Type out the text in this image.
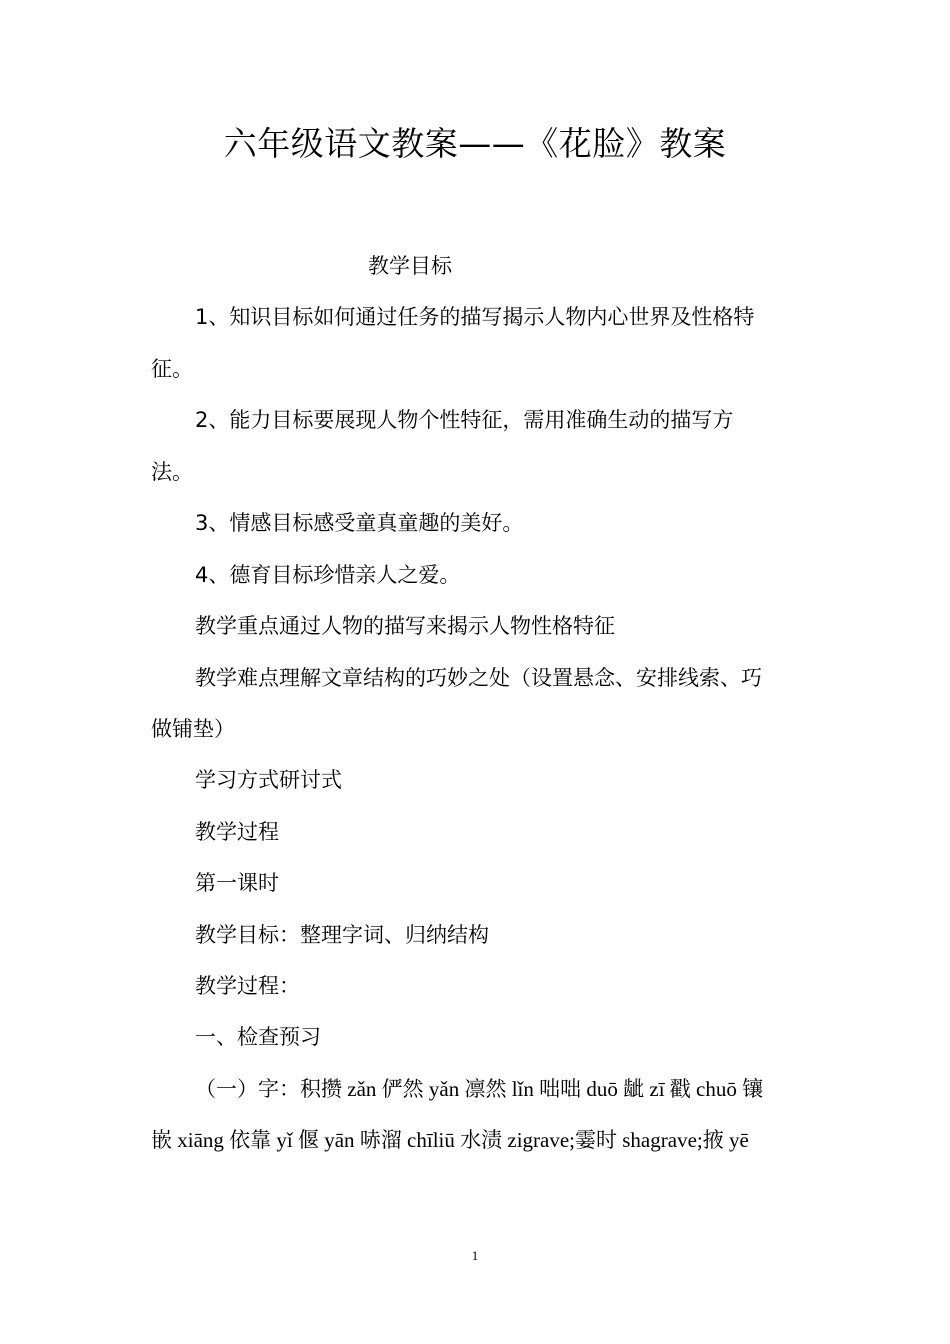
六年级语文教案——《花脸》教案
教学目标
1、知识目标如何通过任务的描写揭示人物内心世界及性格特
征。
2、能力目标要展现人物个性特征，需用准确生动的描写方
法。
3、情感目标感受童真童趣的美好。
4、德育目标珍惜亲人之爱。
教学重点通过人物的描写来揭示人物性格特征
教学难点理解文章结构的巧妙之处（设置悬念、安排线索、巧
做铺垫）
学习方式研讨式
教学过程
第一课时
教学目标：整理字词、归纳结构
教学过程：
一、检查预习
（一）字：积攒 zǎn 俨然 yǎn 凛然 lǐn 咄咄 duō 龇 zī 戳 chuō 镶
嵌 xiāng 依靠 yǐ 偃 yān 哧溜 chīliū 水渍 zigrave;霎时 shagrave;掖 yē
1
